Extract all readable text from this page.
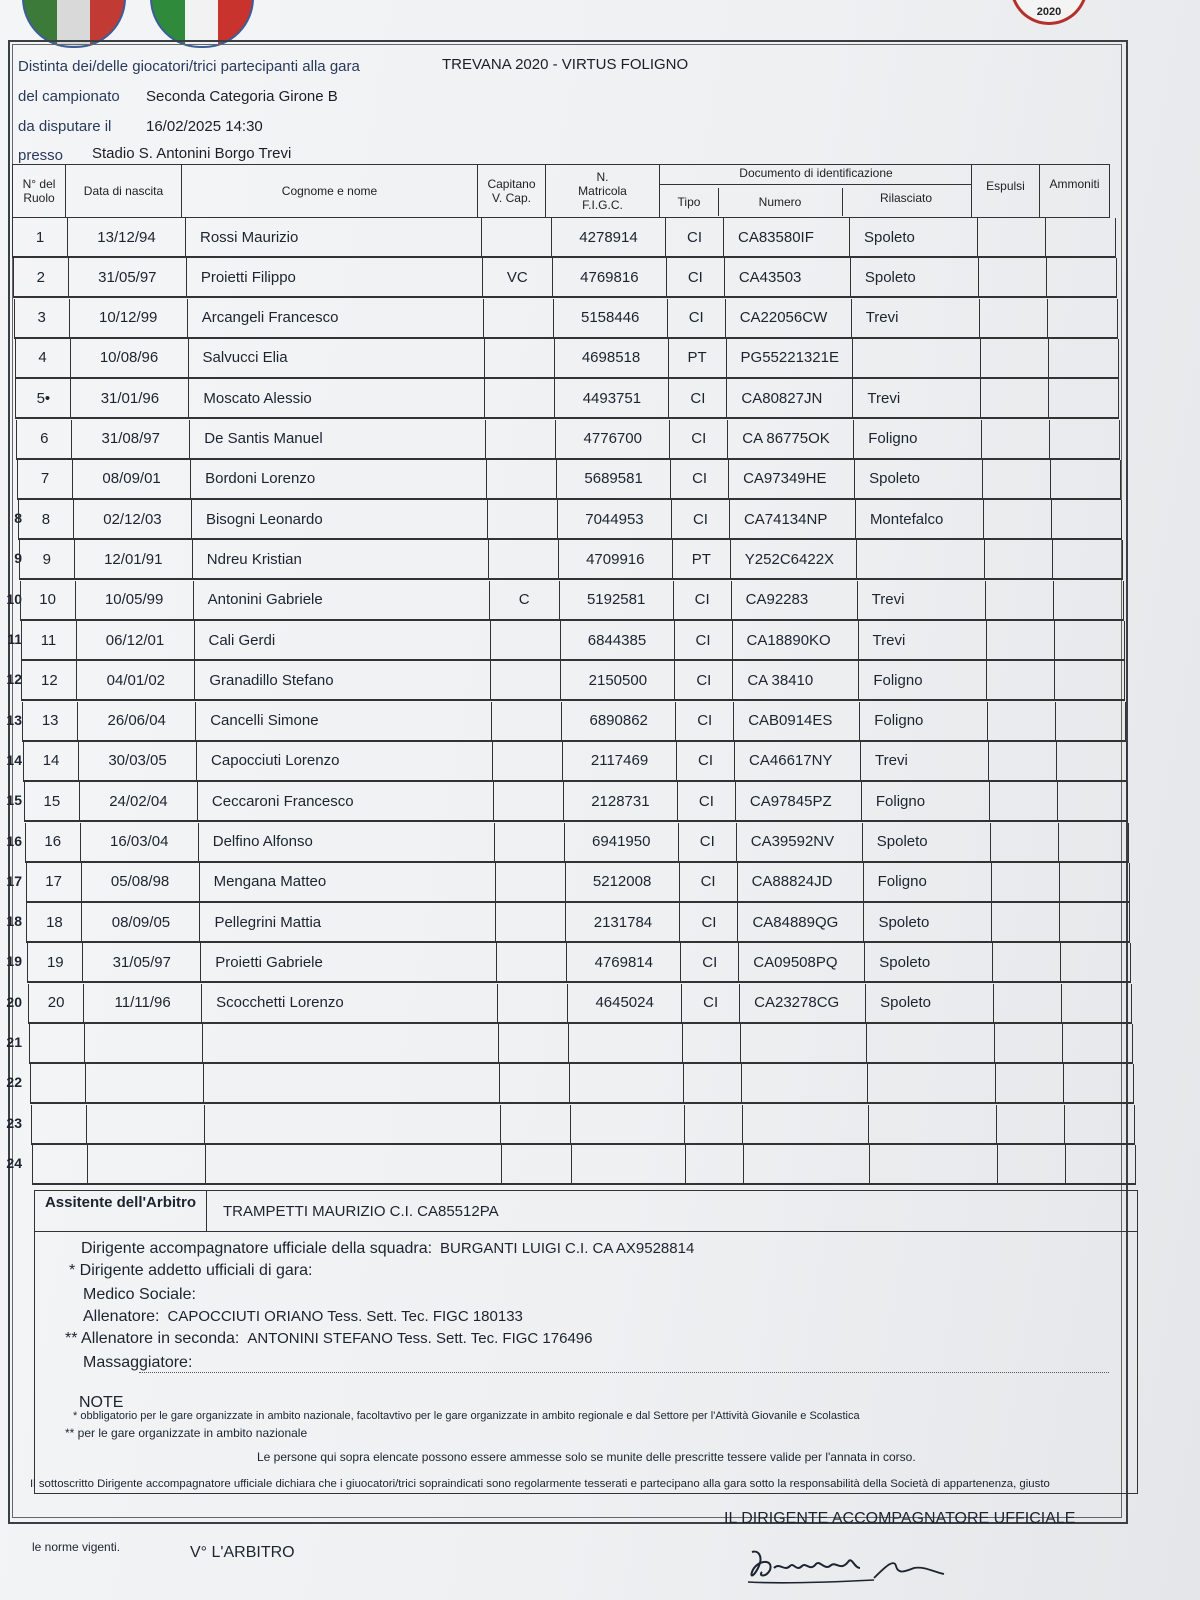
2020
Distinta dei/delle giocatori/trici partecipanti alla gara	TREVANA 2020 - VIRTUS FOLIGNO
del campionato Seconda Categoria Girone B
da disputare il 16/02/2025 14:30
presso Stadio S. Antonini Borgo Trevi
N° del Ruolo	Data di nascita	Cognome e nome	Capitano V. Cap.
N. Matricola F.I.G.C.
Documento di identificazione
Tipo	Numero	Rilasciato
Espulsi	Ammoniti
1	13/12/94	Rossi Maurizio	4278914	CI	CA83580IF	Spoleto
2	31/05/97	Proietti Filippo	VC	4769816	CI	CA43503	Spoleto
3	10/12/99	Arcangeli Francesco	5158446	CI	CA22056CW	Trevi
4	10/08/96	Salvucci Elia	4698518	PT	PG55221321E
5•	31/01/96	Moscato Alessio	4493751	CI	CA80827JN	Trevi
6	31/08/97	De Santis Manuel	4776700	CI	CA 86775OK	Foligno
7	08/09/01	Bordoni Lorenzo	5689581	CI	CA97349HE	Spoleto
8	8	02/12/03	Bisogni Leonardo	7044953	CI	CA74134NP	Montefalco
9	9	12/01/91	Ndreu Kristian	4709916	PT	Y252C6422X
10	10	10/05/99	Antonini Gabriele	C	5192581	CI	CA92283	Trevi
11	11	06/12/01	Cali Gerdi	6844385	CI	CA18890KO	Trevi
12	12	04/01/02	Granadillo Stefano	2150500	CI	CA 38410	Foligno
13	13	26/06/04	Cancelli Simone	6890862	CI	CAB0914ES	Foligno
14	14	30/03/05	Capocciuti Lorenzo	2117469	CI	CA46617NY	Trevi
15	15	24/02/04	Ceccaroni Francesco	2128731	CI	CA97845PZ	Foligno
16	16	16/03/04	Delfino Alfonso	6941950	CI	CA39592NV	Spoleto
17	17	05/08/98	Mengana Matteo	5212008	CI	CA88824JD	Foligno
18	18	08/09/05	Pellegrini Mattia	2131784	CI	CA84889QG	Spoleto
19	19	31/05/97	Proietti Gabriele	4769814	CI	CA09508PQ	Spoleto
20	20	11/11/96	Scocchetti Lorenzo	4645024	CI	CA23278CG	Spoleto
21
22
23
24
Assitente dell'Arbitro
TRAMPETTI MAURIZIO C.I. CA85512PA
Dirigente accompagnatore ufficiale della squadra: BURGANTI LUIGI C.I. CA AX9528814
* Dirigente addetto ufficiali di gara:
Medico Sociale:
Allenatore: CAPOCCIUTI ORIANO Tess. Sett. Tec. FIGC 180133
** Allenatore in seconda: ANTONINI STEFANO Tess. Sett. Tec. FIGC 176496
Massaggiatore:
NOTE
* obbligatorio per le gare organizzate in ambito nazionale, facoltavtivo per le gare organizzate in ambito regionale e dal Settore per l'Attività Giovanile e Scolastica
** per le gare organizzate in ambito nazionale
Le persone qui sopra elencate possono essere ammesse solo se munite delle prescritte tessere valide per l'annata in corso.
Il sottoscritto Dirigente accompagnatore ufficiale dichiara che i giuocatori/trici sopraindicati sono regolarmente tesserati e partecipano alla gara sotto la responsabilità della Società di appartenenza, giusto
le norme vigenti.	V° L'ARBITRO
IL DIRIGENTE ACCOMPAGNATORE UFFICIALE
